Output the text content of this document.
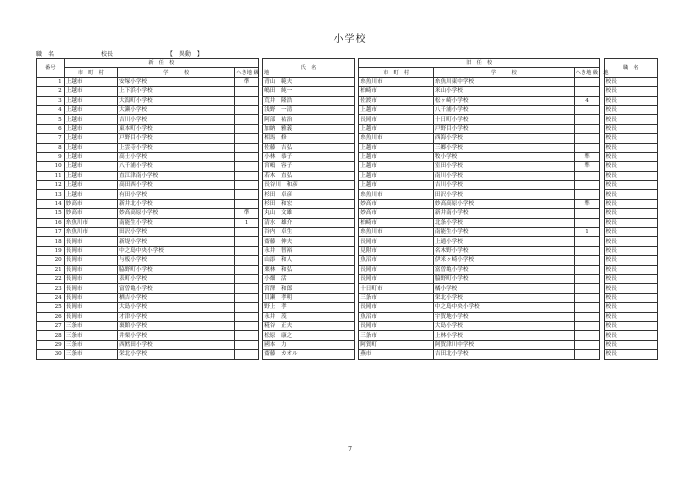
小学校
職　名	校長	【　異動　】
番号	新　任　校				氏　名		旧　任　校				職　名
	市　町　村	学　　　校	へき地 級　地				市　町　村	学　　　校	へき地 級　地		
1	上越市	安塚小学校	準		青山　範夫		糸魚川市	糸魚川東中学校			校長
2	上越市	上下浜小学校			嶋田　純一		柏崎市	米山小学校			校長
3	上越市	大潟町小学校			荒井　隆浩		佐渡市	松ヶ崎小学校	4		校長
4	上越市	大瀬小学校			浅野　一清		上越市	八千浦小学校			校長
5	上越市	吉川小学校			阿部　祐治		長岡市	十日町小学校			校長
6	上越市	東本町小学校			加納　雅義		上越市	戸野目小学校			校長
7	上越市	戸野目小学校			相馬　修		糸魚川市	西海小学校			校長
8	上越市	上雲寺小学校			佐藤　吉弘		上越市	三郷小学校			校長
9	上越市	高士小学校			小林　恭子		上越市	牧小学校	準		校長
10	上越市	八千浦小学校			宮嶋　容子		上越市	室田小学校	準		校長
11	上越市	直江津南小学校			若木　直弘		上越市	南川小学校			校長
12	上越市	高田西小学校			長谷川　和彦		上越市	吉川小学校			校長
13	上越市	有田小学校			杉田　卓彦		糸魚川市	田沢小学校			校長
14	妙高市	新井北小学校			杉田　和宏		妙高市	妙高高原小学校	準		校長
15	妙高市	妙高高原小学校	準		丸山　文雄		妙高市	新井南小学校			校長
16	糸魚川市	南能生小学校	1		清水　雄介		柏崎市	北条小学校			校長
17	糸魚川市	田沢小学校			谷内　卓生		糸魚川市	南能生小学校	1		校長
18	長岡市	新堤小学校			齋藤　伸夫		長岡市	上通小学校			校長
19	長岡市	中之島中央小学校			永井　智裕		見附市	名木野小学校			校長
20	長岡市	与板小学校			山添　和人		魚沼市	伊米ヶ崎小学校			校長
21	長岡市	脇野町小学校			栗林　和弘		長岡市	富曽亀小学校			校長
22	長岡市	表町小学校			小畑　活		長岡市	脇野町小学校			校長
23	長岡市	富曽亀小学校			宮澤　和郎		十日町市	橘小学校			校長
24	長岡市	栖吉小学校			貝瀬　孝明		三条市	栄北小学校			校長
25	長岡市	大島小学校			野上　孝		長岡市	中之島中央小学校			校長
26	長岡市	才津小学校			永井　茂		魚沼市	宇賀地小学校			校長
27	三条市	裏館小学校			糀谷　正夫		長岡市	大島小学校			校長
28	三条市	井栗小学校			松原　康之		三条市	上林小学校			校長
29	三条市	西鱈田小学校			國本　力		阿賀町	阿賀津川中学校			校長
30	三条市	栄北小学校			齋藤　カオル		燕市	吉田北小学校			校長
7
